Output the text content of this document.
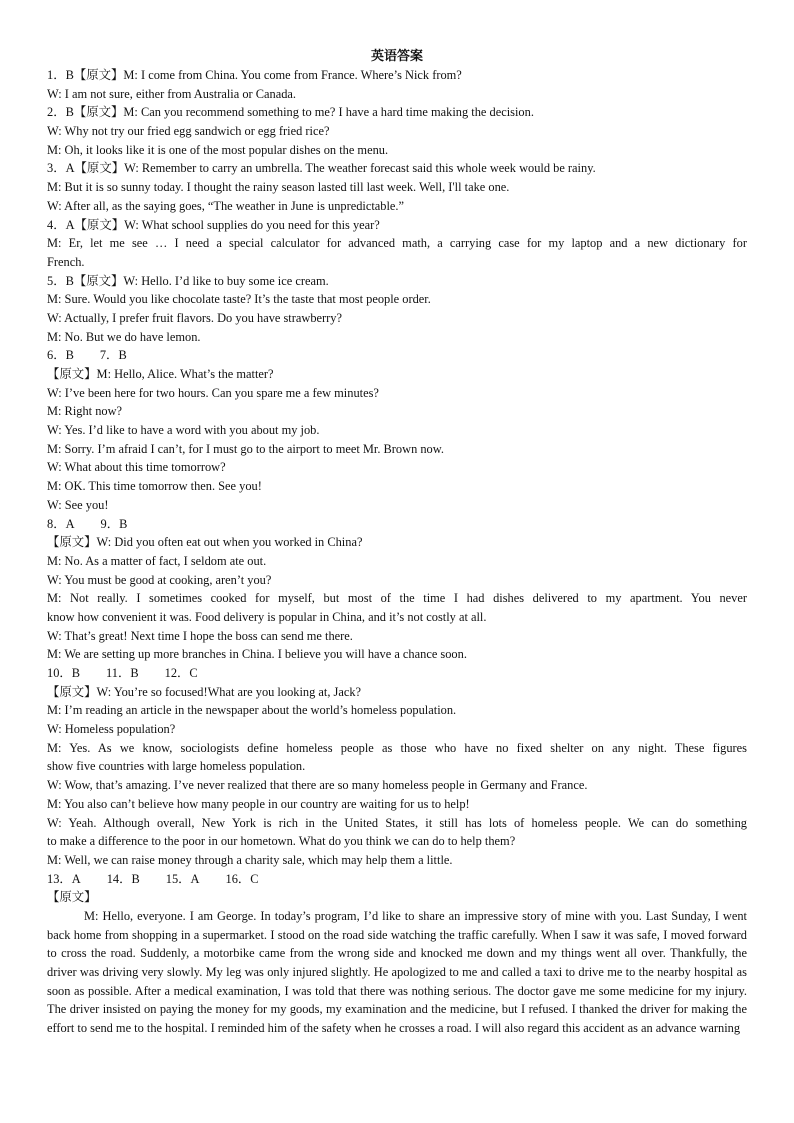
英语答案
1．B【原文】M: I come from China. You come from France. Where’s Nick from?
W: I am not sure, either from Australia or Canada.
2．B【原文】M: Can you recommend something to me? I have a hard time making the decision.
W: Why not try our fried egg sandwich or egg fried rice?
M: Oh, it looks like it is one of the most popular dishes on the menu.
3．A【原文】W: Remember to carry an umbrella. The weather forecast said this whole week would be rainy.
M: But it is so sunny today. I thought the rainy season lasted till last week. Well, I'll take one.
W: After all, as the saying goes, “The weather in June is unpredictable.”
4．A【原文】W: What school supplies do you need for this year?
M: Er, let me see … I need a special calculator for advanced math, a carrying case for my laptop and a new dictionary for
French.
5．B【原文】W: Hello. I’d like to buy some ice cream.
M: Sure. Would you like chocolate taste? It’s the taste that most people order.
W: Actually, I prefer fruit flavors. Do you have strawberry?
M: No. But we do have lemon.
6．B 7．B
【原文】M: Hello, Alice. What’s the matter?
W: I’ve been here for two hours. Can you spare me a few minutes?
M: Right now?
W: Yes. I’d like to have a word with you about my job.
M: Sorry. I’m afraid I can’t, for I must go to the airport to meet Mr. Brown now.
W: What about this time tomorrow?
M: OK. This time tomorrow then. See you!
W: See you!
8．A 9．B
【原文】W: Did you often eat out when you worked in China?
M: No. As a matter of fact, I seldom ate out.
W: You must be good at cooking, aren’t you?
M: Not really. I sometimes cooked for myself, but most of the time I had dishes delivered to my apartment. You never
know how convenient it was. Food delivery is popular in China, and it’s not costly at all.
W: That’s great! Next time I hope the boss can send me there.
M: We are setting up more branches in China. I believe you will have a chance soon.
10．B 11．B 12．C
【原文】W: You’re so focused!What are you looking at, Jack?
M: I’m reading an article in the newspaper about the world’s homeless population.
W: Homeless population?
M: Yes. As we know, sociologists define homeless people as those who have no fixed shelter on any night. These figures
show five countries with large homeless population.
W: Wow, that’s amazing. I’ve never realized that there are so many homeless people in Germany and France.
M: You also can’t believe how many people in our country are waiting for us to help!
W: Yeah. Although overall, New York is rich in the United States, it still has lots of homeless people. We can do something
to make a difference to the poor in our hometown. What do you think we can do to help them?
M: Well, we can raise money through a charity sale, which may help them a little.
13．A 14．B 15．A 16．C
【原文】
M: Hello, everyone. I am George. In today’s program, I’d like to share an impressive story of mine with you. Last Sunday, I went back home from shopping in a supermarket. I stood on the road side watching the traffic carefully. When I saw it was safe, I moved forward to cross the road. Suddenly, a motorbike came from the wrong side and knocked me down and my things went all over. Thankfully, the driver was driving very slowly. My leg was only injured slightly. He apologized to me and called a taxi to drive me to the nearby hospital as soon as possible. After a medical examination, I was told that there was nothing serious. The doctor gave me some medicine for my injury. The driver insisted on paying the money for my goods, my examination and the medicine, but I refused. I thanked the driver for making the effort to send me to the hospital. I reminded him of the safety when he crosses a road. I will also regard this accident as an advance warning
